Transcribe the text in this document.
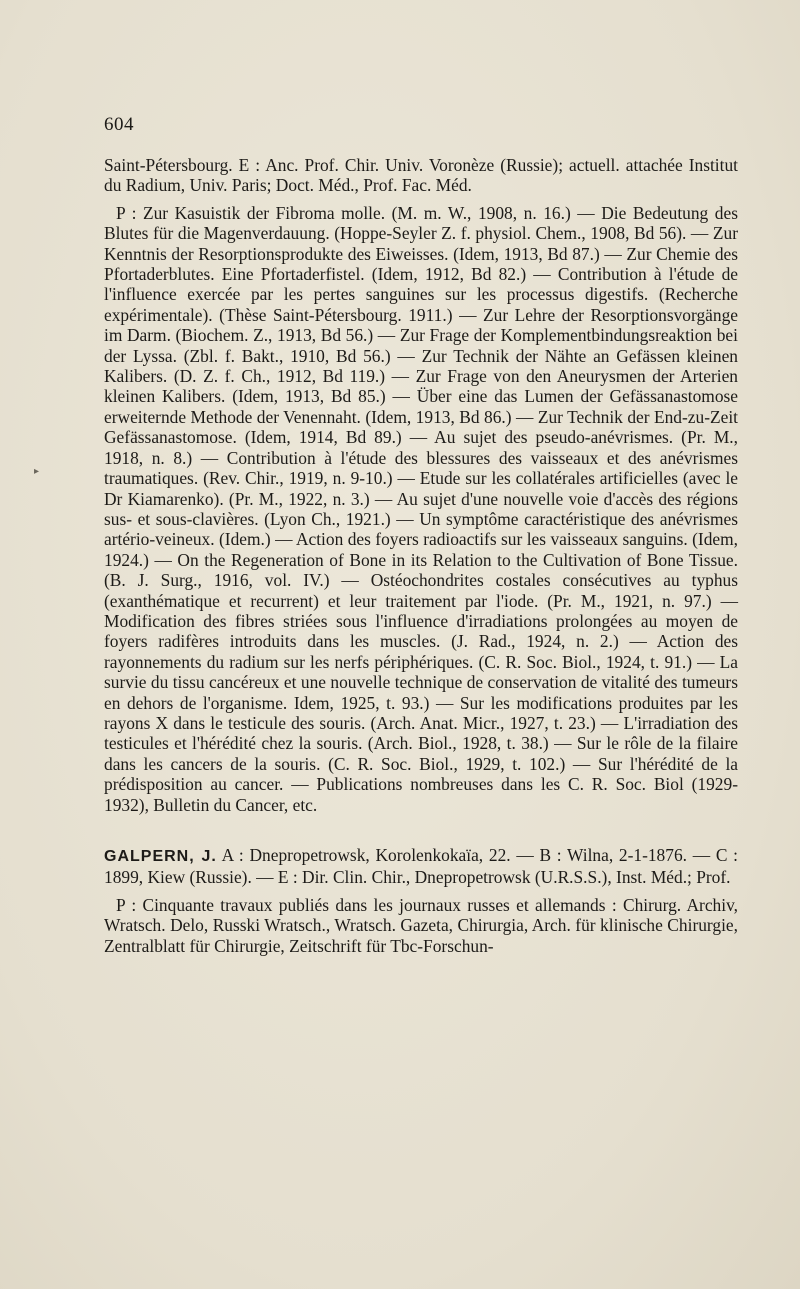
▸
604

Saint-Pétersbourg. E : Anc. Prof. Chir. Univ. Voronèze (Russie); actuell. attachée Institut du Radium, Univ. Paris; Doct. Méd., Prof. Fac. Méd.

P : Zur Kasuistik der Fibroma molle. (M. m. W., 1908, n. 16.) — Die Bedeutung des Blutes für die Magenverdauung. (Hoppe-Seyler Z. f. physiol. Chem., 1908, Bd 56). — Zur Kenntnis der Resorptionsprodukte des Eiweisses. (Idem, 1913, Bd 87.) — Zur Chemie des Pfortaderblutes. Eine Pfortaderfistel. (Idem, 1912, Bd 82.) — Contribution à l'étude de l'influence exercée par les pertes sanguines sur les processus digestifs. (Recherche expérimentale). (Thèse Saint-Pétersbourg. 1911.) — Zur Lehre der Resorptionsvorgänge im Darm. (Biochem. Z., 1913, Bd 56.) — Zur Frage der Komplementbindungsreaktion bei der Lyssa. (Zbl. f. Bakt., 1910, Bd 56.) — Zur Technik der Nähte an Gefässen kleinen Kalibers. (D. Z. f. Ch., 1912, Bd 119.) — Zur Frage von den Aneurysmen der Arterien kleinen Kalibers. (Idem, 1913, Bd 85.) — Über eine das Lumen der Gefässanastomose erweiternde Methode der Venennaht. (Idem, 1913, Bd 86.) — Zur Technik der End-zu-Zeit Gefässanastomose. (Idem, 1914, Bd 89.) — Au sujet des pseudo-anévrismes. (Pr. M., 1918, n. 8.) — Contribution à l'étude des blessures des vaisseaux et des anévrismes traumatiques. (Rev. Chir., 1919, n. 9-10.) — Etude sur les collatérales artificielles (avec le Dr Kiamarenko). (Pr. M., 1922, n. 3.) — Au sujet d'une nouvelle voie d'accès des régions sus- et sous-clavières. (Lyon Ch., 1921.) — Un symptôme caractéristique des anévrismes artério-veineux. (Idem.) — Action des foyers radioactifs sur les vaisseaux sanguins. (Idem, 1924.) — On the Regeneration of Bone in its Relation to the Cultivation of Bone Tissue. (B. J. Surg., 1916, vol. IV.) — Ostéochondrites costales consécutives au typhus (exanthématique et recurrent) et leur traitement par l'iode. (Pr. M., 1921, n. 97.) — Modification des fibres striées sous l'influence d'irradiations prolongées au moyen de foyers radifères introduits dans les muscles. (J. Rad., 1924, n. 2.) — Action des rayonnements du radium sur les nerfs périphériques. (C. R. Soc. Biol., 1924, t. 91.) — La survie du tissu cancéreux et une nouvelle technique de conservation de vitalité des tumeurs en dehors de l'organisme. Idem, 1925, t. 93.) — Sur les modifications produites par les rayons X dans le testicule des souris. (Arch. Anat. Micr., 1927, t. 23.) — L'irradiation des testicules et l'hérédité chez la souris. (Arch. Biol., 1928, t. 38.) — Sur le rôle de la filaire dans les cancers de la souris. (C. R. Soc. Biol., 1929, t. 102.) — Sur l'hérédité de la prédisposition au cancer. — Publications nombreuses dans les C. R. Soc. Biol (1929-1932), Bulletin du Cancer, etc.

GALPERN, J. A : Dnepropetrowsk, Korolenkokaïa, 22. — B : Wilna, 2-1-1876. — C : 1899, Kiew (Russie). — E : Dir. Clin. Chir., Dnepropetrowsk (U.R.S.S.), Inst. Méd.; Prof.

P : Cinquante travaux publiés dans les journaux russes et allemands : Chirurg. Archiv, Wratsch. Delo, Russki Wratsch., Wratsch. Gazeta, Chirurgia, Arch. für klinische Chirurgie, Zentralblatt für Chirurgie, Zeitschrift für Tbc-Forschun-
